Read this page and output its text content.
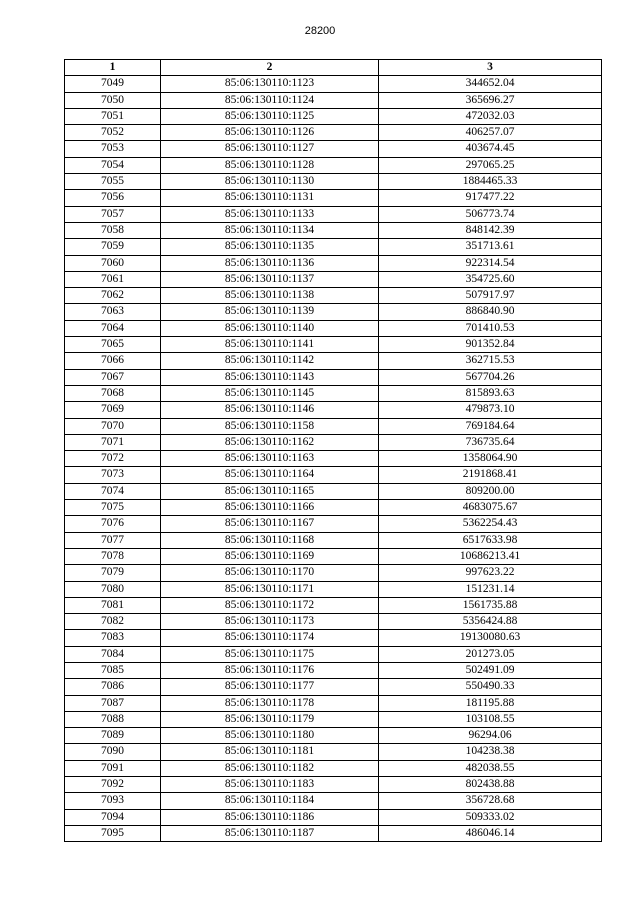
28200
1	2	3
7049	85:06:130110:1123	344652.04
7050	85:06:130110:1124	365696.27
7051	85:06:130110:1125	472032.03
7052	85:06:130110:1126	406257.07
7053	85:06:130110:1127	403674.45
7054	85:06:130110:1128	297065.25
7055	85:06:130110:1130	1884465.33
7056	85:06:130110:1131	917477.22
7057	85:06:130110:1133	506773.74
7058	85:06:130110:1134	848142.39
7059	85:06:130110:1135	351713.61
7060	85:06:130110:1136	922314.54
7061	85:06:130110:1137	354725.60
7062	85:06:130110:1138	507917.97
7063	85:06:130110:1139	886840.90
7064	85:06:130110:1140	701410.53
7065	85:06:130110:1141	901352.84
7066	85:06:130110:1142	362715.53
7067	85:06:130110:1143	567704.26
7068	85:06:130110:1145	815893.63
7069	85:06:130110:1146	479873.10
7070	85:06:130110:1158	769184.64
7071	85:06:130110:1162	736735.64
7072	85:06:130110:1163	1358064.90
7073	85:06:130110:1164	2191868.41
7074	85:06:130110:1165	809200.00
7075	85:06:130110:1166	4683075.67
7076	85:06:130110:1167	5362254.43
7077	85:06:130110:1168	6517633.98
7078	85:06:130110:1169	10686213.41
7079	85:06:130110:1170	997623.22
7080	85:06:130110:1171	151231.14
7081	85:06:130110:1172	1561735.88
7082	85:06:130110:1173	5356424.88
7083	85:06:130110:1174	19130080.63
7084	85:06:130110:1175	201273.05
7085	85:06:130110:1176	502491.09
7086	85:06:130110:1177	550490.33
7087	85:06:130110:1178	181195.88
7088	85:06:130110:1179	103108.55
7089	85:06:130110:1180	96294.06
7090	85:06:130110:1181	104238.38
7091	85:06:130110:1182	482038.55
7092	85:06:130110:1183	802438.88
7093	85:06:130110:1184	356728.68
7094	85:06:130110:1186	509333.02
7095	85:06:130110:1187	486046.14
